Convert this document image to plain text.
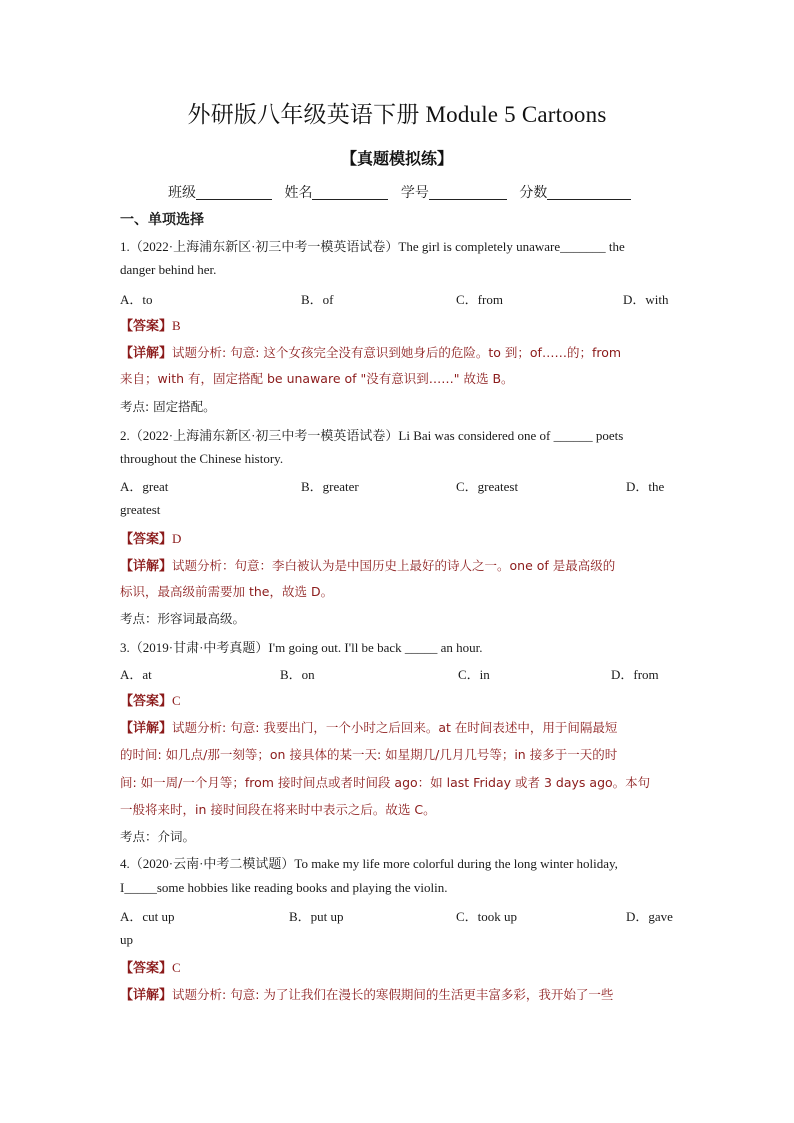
外研版八年级英语下册 Module 5 Cartoons
【真题模拟练】
班级	姓名	学号	分数
一、单项选择
1.（2022·上海浦东新区·初三中考一模英语试卷）The girl is completely unaware_______ the
danger behind her.
A．to	B．of	C．from	D．with
【答案】B
【详解】试题分析: 句意: 这个女孩完全没有意识到她身后的危险。to 到；of……的；from
来自；with 有，固定搭配 be unaware of "没有意识到……" 故选 B。
考点: 固定搭配。
2.（2022·上海浦东新区·初三中考一模英语试卷）Li Bai was considered one of ______ poets
throughout the Chinese history.
A．great	B．greater	C．greatest	D．the
greatest
【答案】D
【详解】试题分析：句意：李白被认为是中国历史上最好的诗人之一。one of 是最高级的
标识，最高级前需要加 the，故选 D。
考点：形容词最高级。
3.（2019·甘肃·中考真题）I'm going out. I'll be back _____ an hour.
A．at	B．on	C．in	D．from
【答案】C
【详解】试题分析: 句意: 我要出门，一个小时之后回来。at 在时间表述中，用于间隔最短
的时间: 如几点/那一刻等；on 接具体的某一天: 如星期几/几月几号等；in 接多于一天的时
间: 如一周/一个月等；from 接时间点或者时间段 ago：如 last Friday 或者 3 days ago。本句
一般将来时，in 接时间段在将来时中表示之后。故选 C。
考点：介词。
4.（2020·云南·中考二模试题）To make my life more colorful during the long winter holiday,
I_____some hobbies like reading books and playing the violin.
A．cut up	B．put up	C．took up	D．gave
up
【答案】C
【详解】试题分析: 句意: 为了让我们在漫长的寒假期间的生活更丰富多彩，我开始了一些
